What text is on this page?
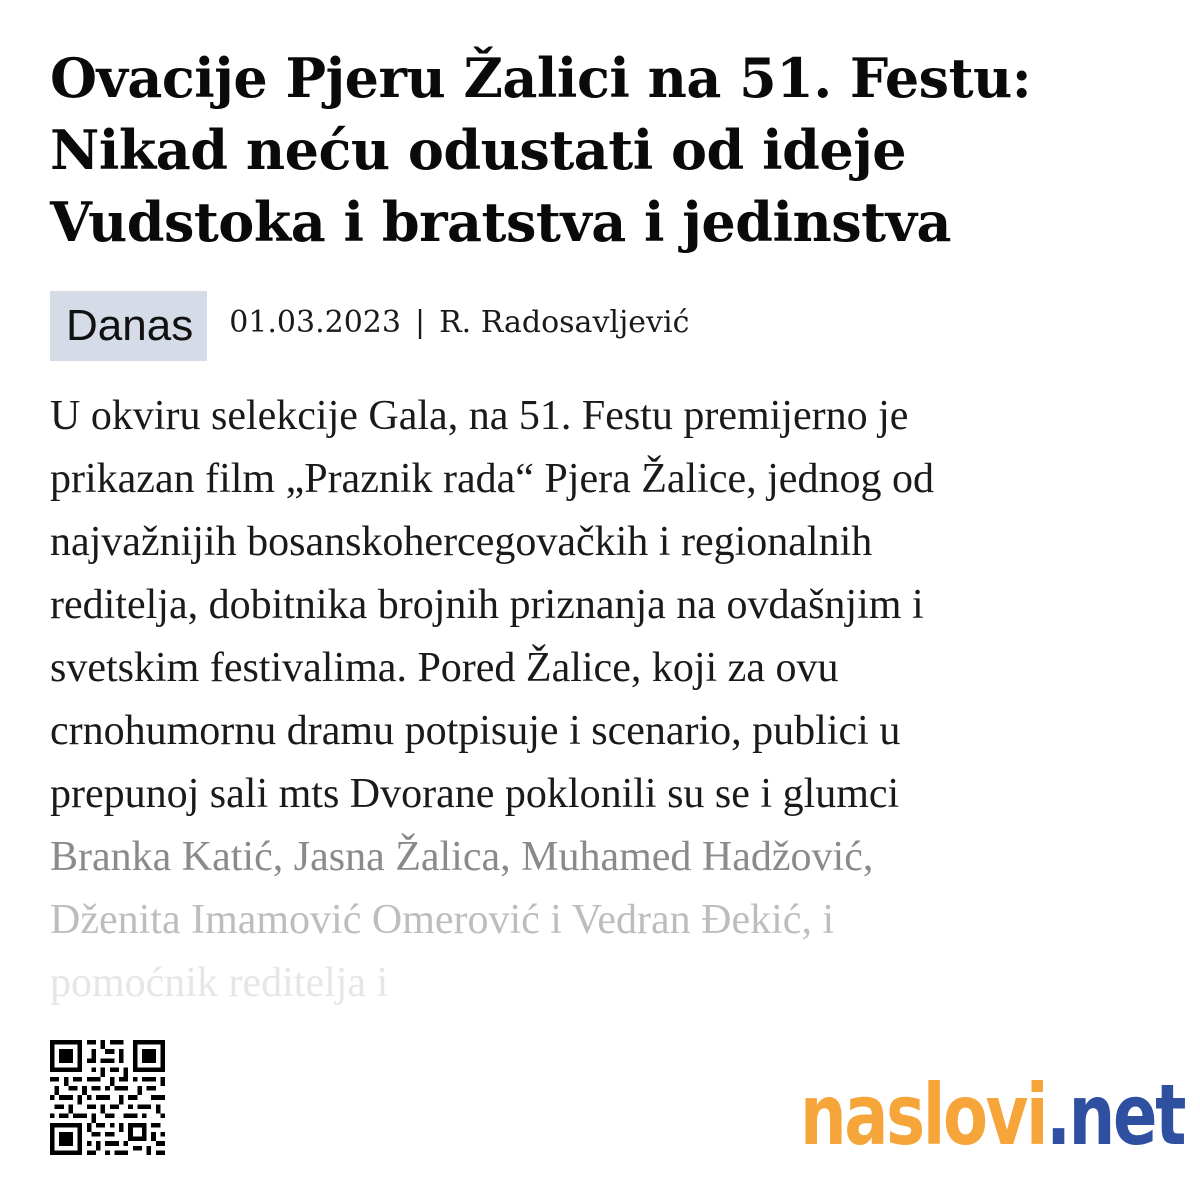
Ovacije Pjeru Žalici na 51. Festu: Nikad neću odustati od ideje Vudstoka i bratstva i jedinstva
Danas	01.03.2023 | R. Radosavljević
U okviru selekcije Gala, na 51. Festu premijerno je
prikazan film „Praznik rada“ Pjera Žalice, jednog od
najvažnijih bosanskohercegovačkih i regionalnih
reditelja, dobitnika brojnih priznanja na ovdašnjim i
svetskim festivalima. Pored Žalice, koji za ovu
crnohumornu dramu potpisuje i scenario, publici u
prepunoj sali mts Dvorane poklonili su se i glumci
Branka Katić, Jasna Žalica, Muhamed Hadžović,
Dženita Imamović Omerović i Vedran Đekić, i
pomoćnik reditelja i
naslovi.net
